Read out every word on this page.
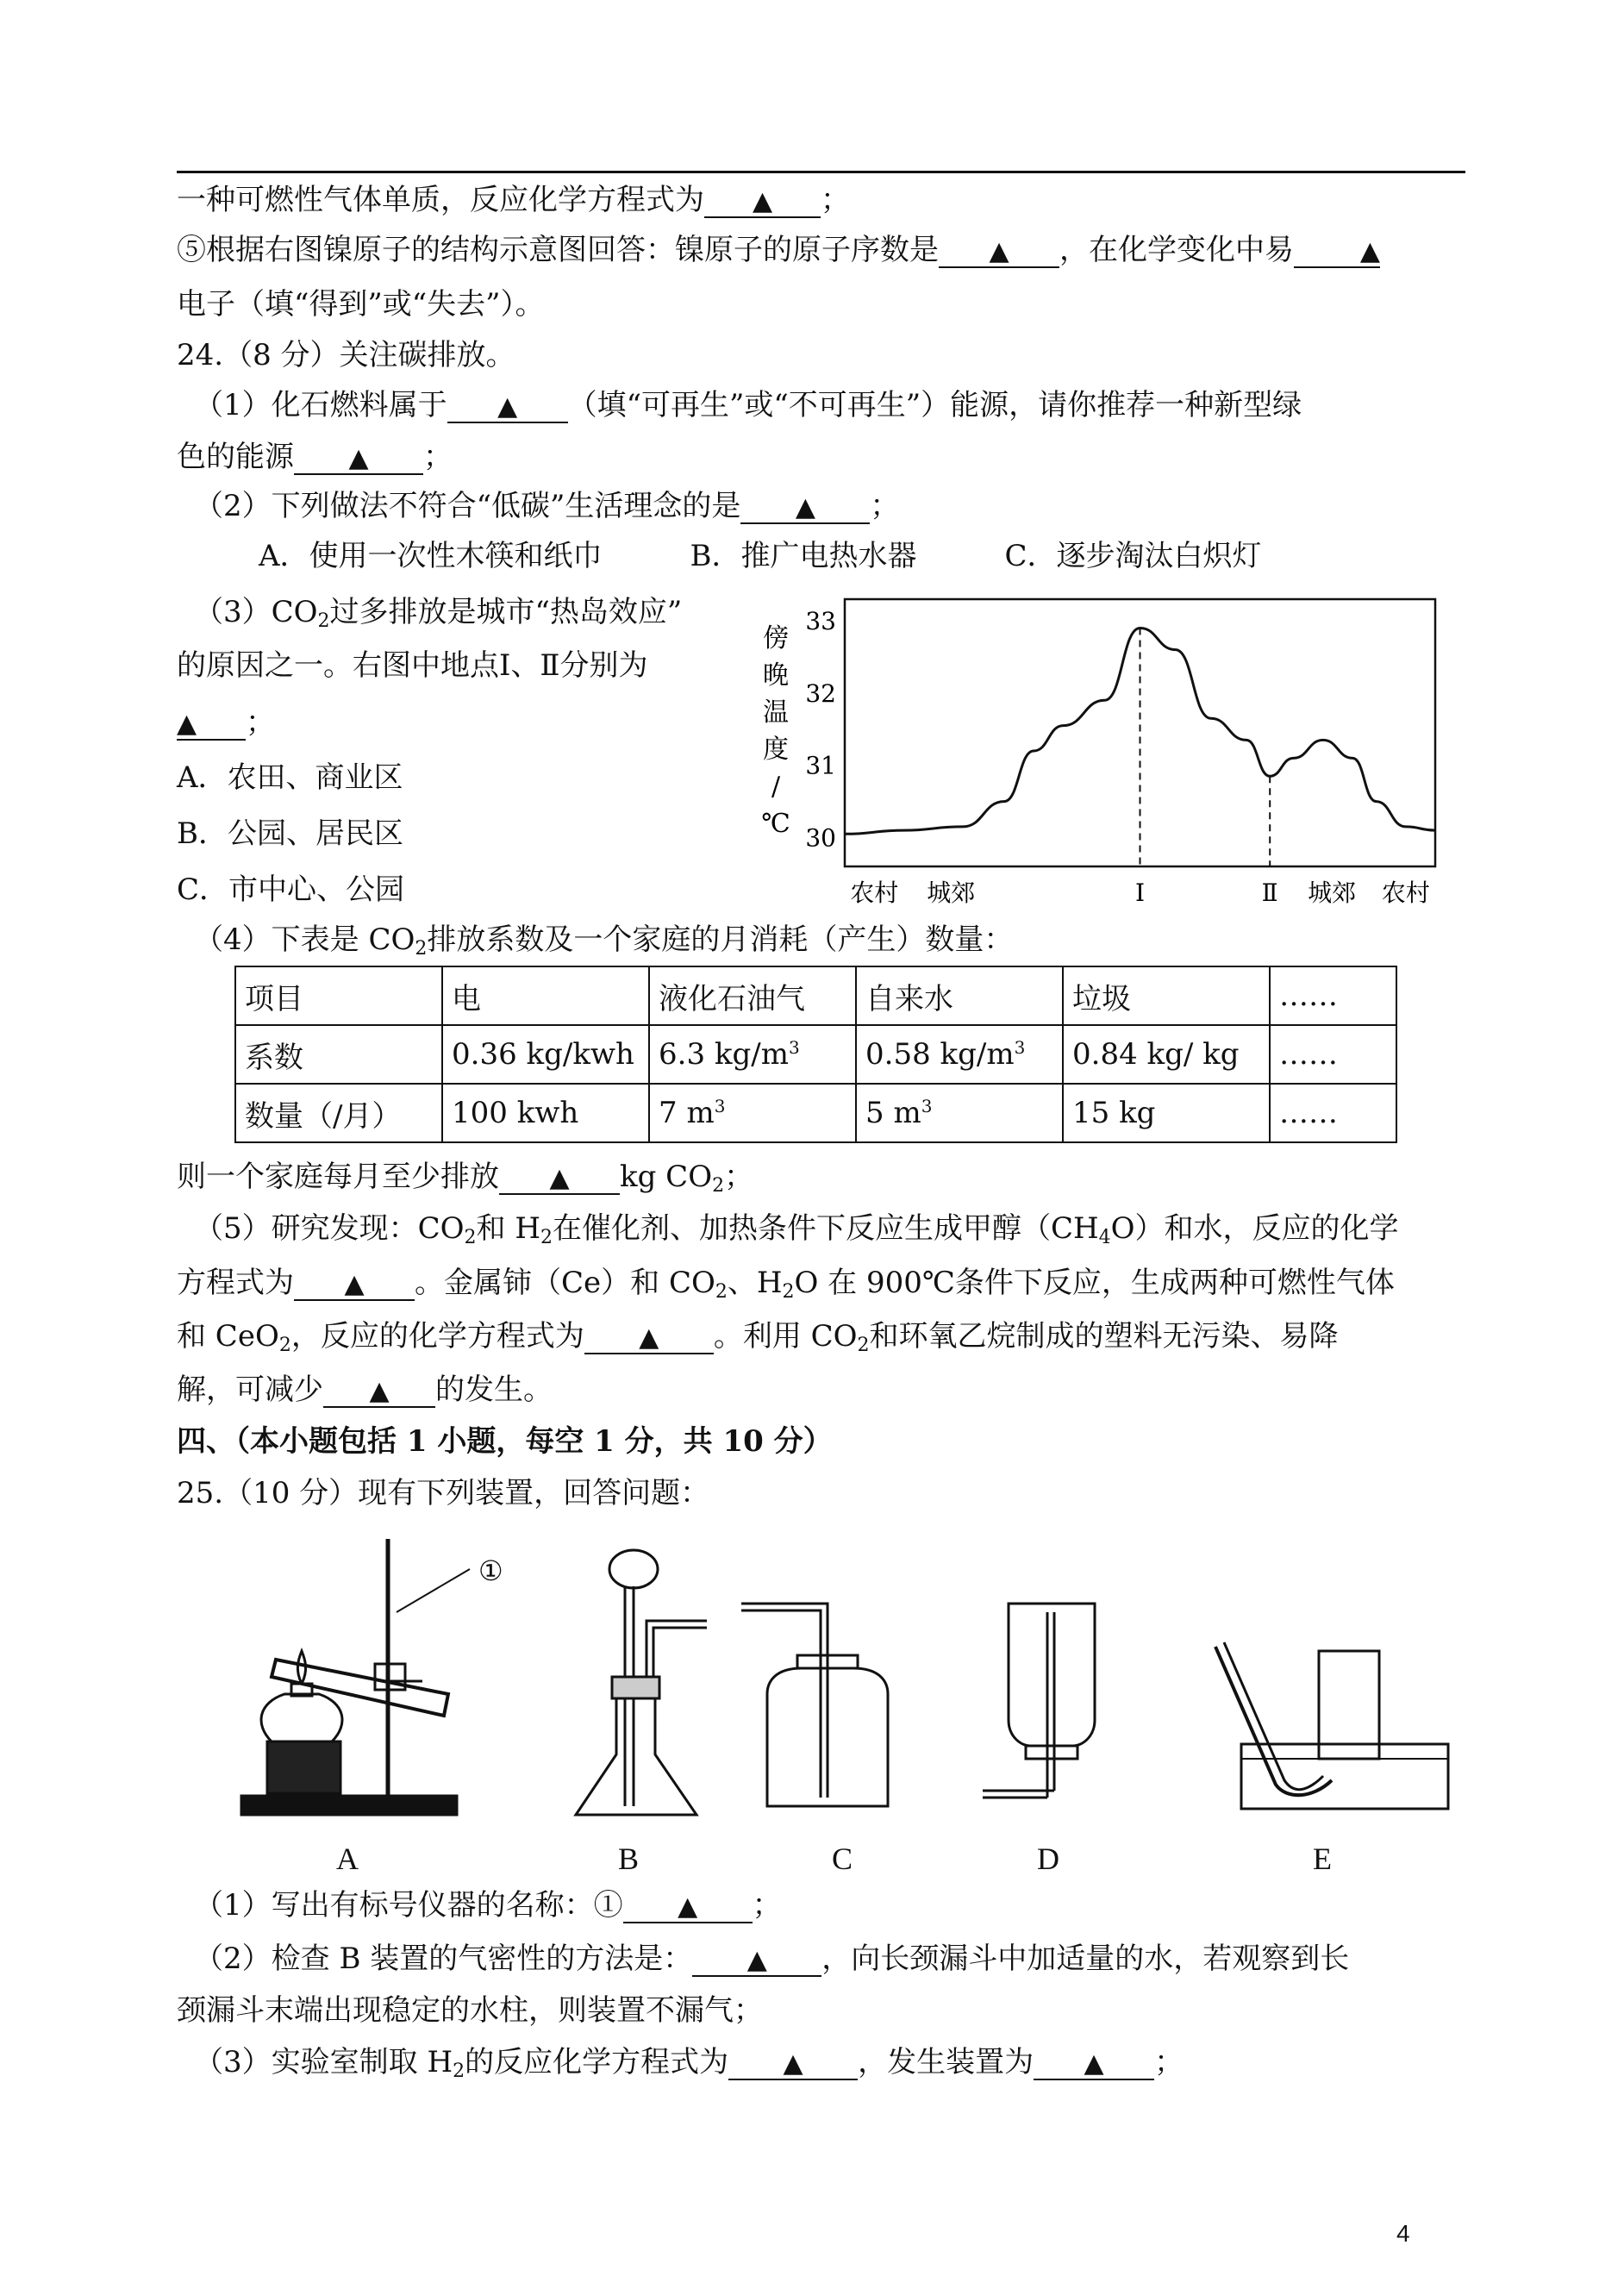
一种可燃性气体单质，反应化学方程式为 ▲ ；
⑤根据右图镍原子的结构示意图回答：镍原子的原子序数是 ▲ ，在化学变化中易	▲
电子（填“得到”或“失去”）。
24.（8 分）关注碳排放。
（1）化石燃料属于 ▲ （填“可再生”或“不可再生”）能源，请你推荐一种新型绿
色的能源 ▲ ；
（2）下列做法不符合“低碳”生活理念的是 ▲ ；
A．使用一次性木筷和纸巾　　　B．推广电热水器　　　C．逐步淘汰白炽灯
$(3)CO_2$过多排放是城市“热岛效应”
的原因之一。右图中地点Ⅰ、Ⅱ分别为
▲ ；
A．农田、商业区
B．公园、居民区
C．市中心、公园
傍
晚
温
度
/
℃
33
32
31
30
农村 城郊	Ⅰ	Ⅱ 城郊 农村
（4）下表是 $CO_2$排放系数及一个家庭的月消耗（产生）数量：
项目	电	液化石油气	自来水	垃圾	……
系数	0.36 kg/kwh	6.3 $kg/m^3$	0.58 $kg/m^3$	0.84 kg/ kg	……
数量（/月）	100 kwh	7 $m^3$	5 $m^3$	15 kg	……
则一个家庭每月至少排放 ▲ kg $CO_2$；
（5）研究发现：$CO_2$和 $H_2$在催化剂、加热条件下反应生成甲醇$(CH_4O)$和水，反应的化学
方程式为 ▲ 。金属铈（Ce）和 $CO_2$、$H_2O$ 在 900℃条件下反应，生成两种可燃性气体
和 CeO$_2$，反应的化学方程式为 ▲ 。利用 $CO_2$和环氧乙烷制成的塑料无污染、易降
解，可减少 ▲ 的发生。
四、（本小题包括 1 小题，每空 1 分，共 10 分）
25.（10 分）现有下列装置，回答问题：
①
A	B	C	D	E
（1）写出有标号仪器的名称：① ▲ ；
（2）检查 B 装置的气密性的方法是： ▲ ，向长颈漏斗中加适量的水，若观察到长
颈漏斗末端出现稳定的水柱，则装置不漏气；
（3）实验室制取 $H_2$的反应化学方程式为 ▲ ，发生装置为 ▲ ；
4
